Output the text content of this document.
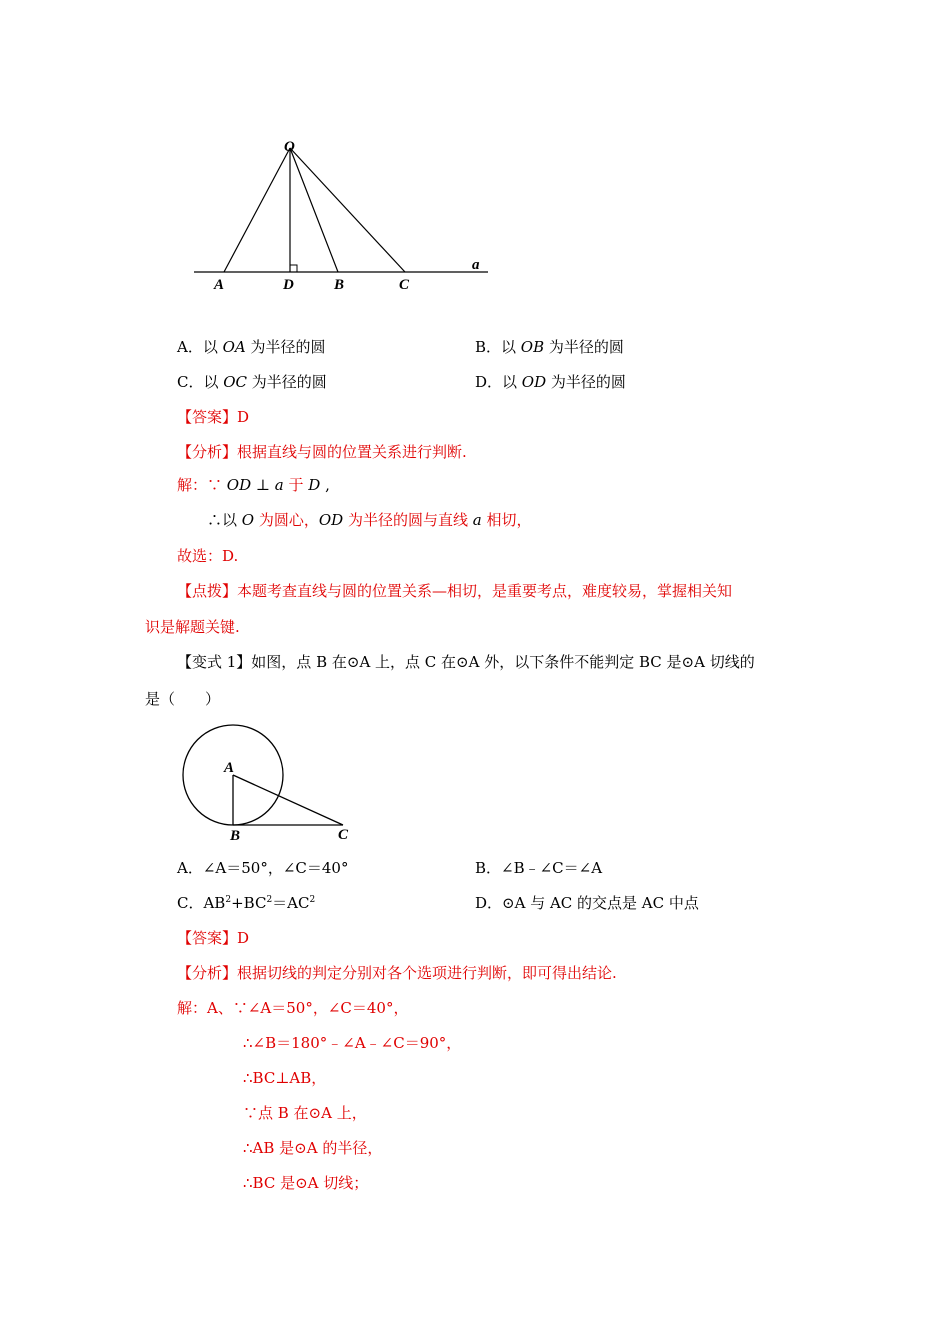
O
A	D	B	C
a
A．以 OA 为半径的圆	B．以 OB 为半径的圆
C．以 OC 为半径的圆	D．以 OD 为半径的圆
【答案】D
【分析】根据直线与圆的位置关系进行判断.
解：∵ OD ⊥ a 于 D ,
∴以 O 为圆心，OD 为半径的圆与直线 a 相切，
故选：D.
【点拨】本题考查直线与圆的位置关系—相切，是重要考点，难度较易，掌握相关知
识是解题关键.
【变式 1】如图，点 B 在⊙A 上，点 C 在⊙A 外，以下条件不能判定 BC 是⊙A 切线的
是（　　）
A
B	C
A．∠A＝50°，∠C＝40°	B．∠B﹣∠C＝∠A
C．$AB^2+BC^2=AC^2$	D．⊙A 与 AC 的交点是 AC 中点
【答案】D
【分析】根据切线的判定分别对各个选项进行判断，即可得出结论.
解：A、∵∠A＝50°，∠C＝40°，
∴∠B＝180°﹣∠A﹣∠C＝90°，
∴BC⊥AB，
∵点 B 在⊙A 上，
∴AB 是⊙A 的半径，
∴BC 是⊙A 切线；
